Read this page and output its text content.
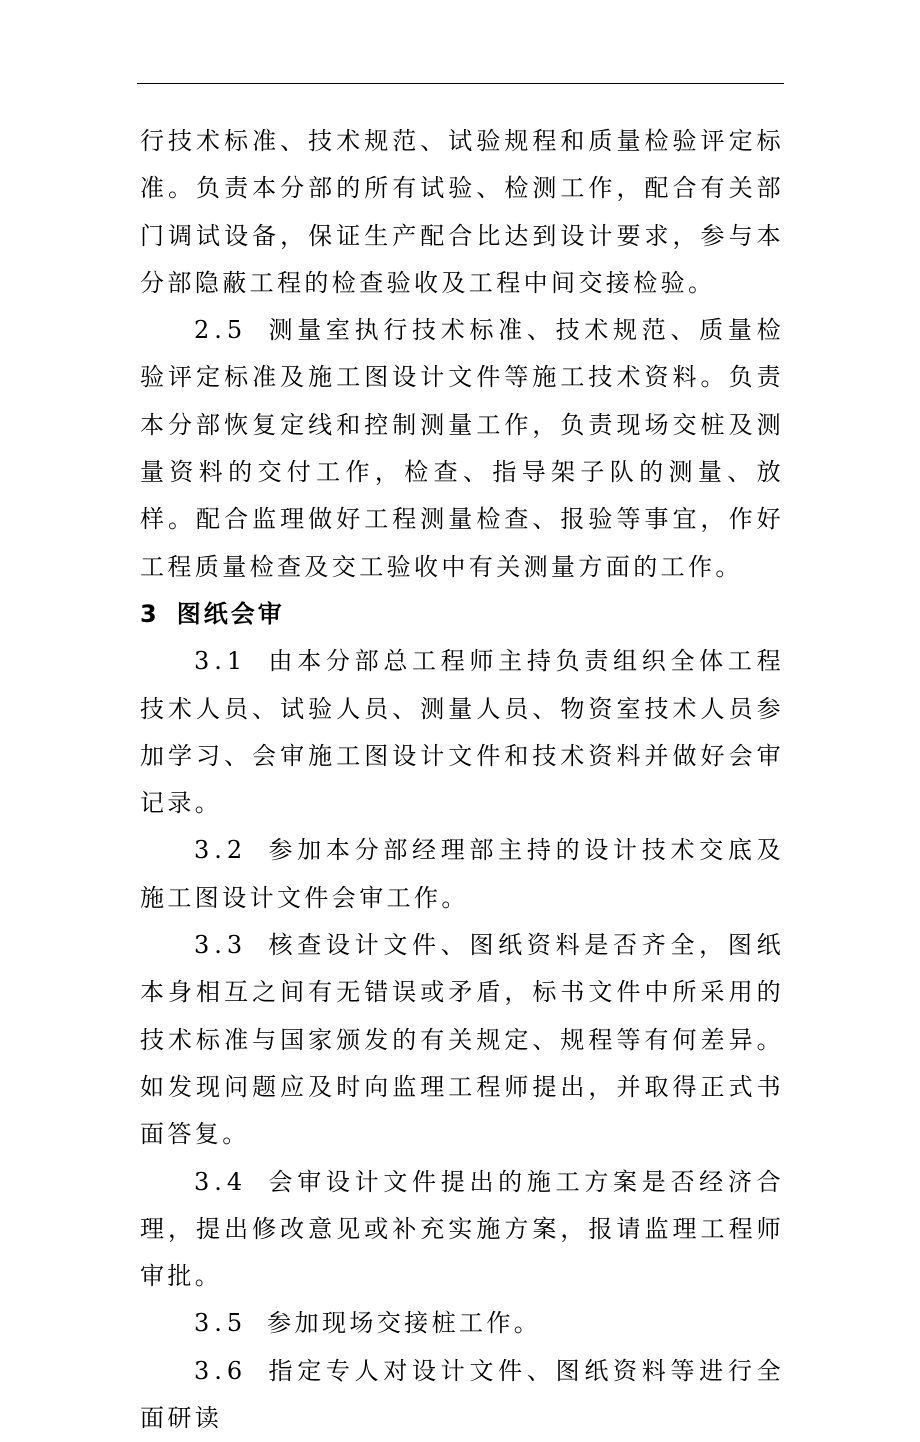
行技术标准、技术规范、试验规程和质量检验评定标准。负责本分部的所有试验、检测工作，配合有关部门调试设备，保证生产配合比达到设计要求，参与本分部隐蔽工程的检查验收及工程中间交接检验。

2.5 测量室执行技术标准、技术规范、质量检验评定标准及施工图设计文件等施工技术资料。负责本分部恢复定线和控制测量工作，负责现场交桩及测量资料的交付工作，检查、指导架子队的测量、放样。配合监理做好工程测量检查、报验等事宜，作好工程质量检查及交工验收中有关测量方面的工作。

3 图纸会审

3.1 由本分部总工程师主持负责组织全体工程技术人员、试验人员、测量人员、物资室技术人员参加学习、会审施工图设计文件和技术资料并做好会审记录。

3.2 参加本分部经理部主持的设计技术交底及施工图设计文件会审工作。

3.3 核查设计文件、图纸资料是否齐全，图纸本身相互之间有无错误或矛盾，标书文件中所采用的技术标准与国家颁发的有关规定、规程等有何差异。如发现问题应及时向监理工程师提出，并取得正式书面答复。

3.4 会审设计文件提出的施工方案是否经济合理，提出修改意见或补充实施方案，报请监理工程师审批。

3.5 参加现场交接桩工作。

3.6 指定专人对设计文件、图纸资料等进行全面研读
